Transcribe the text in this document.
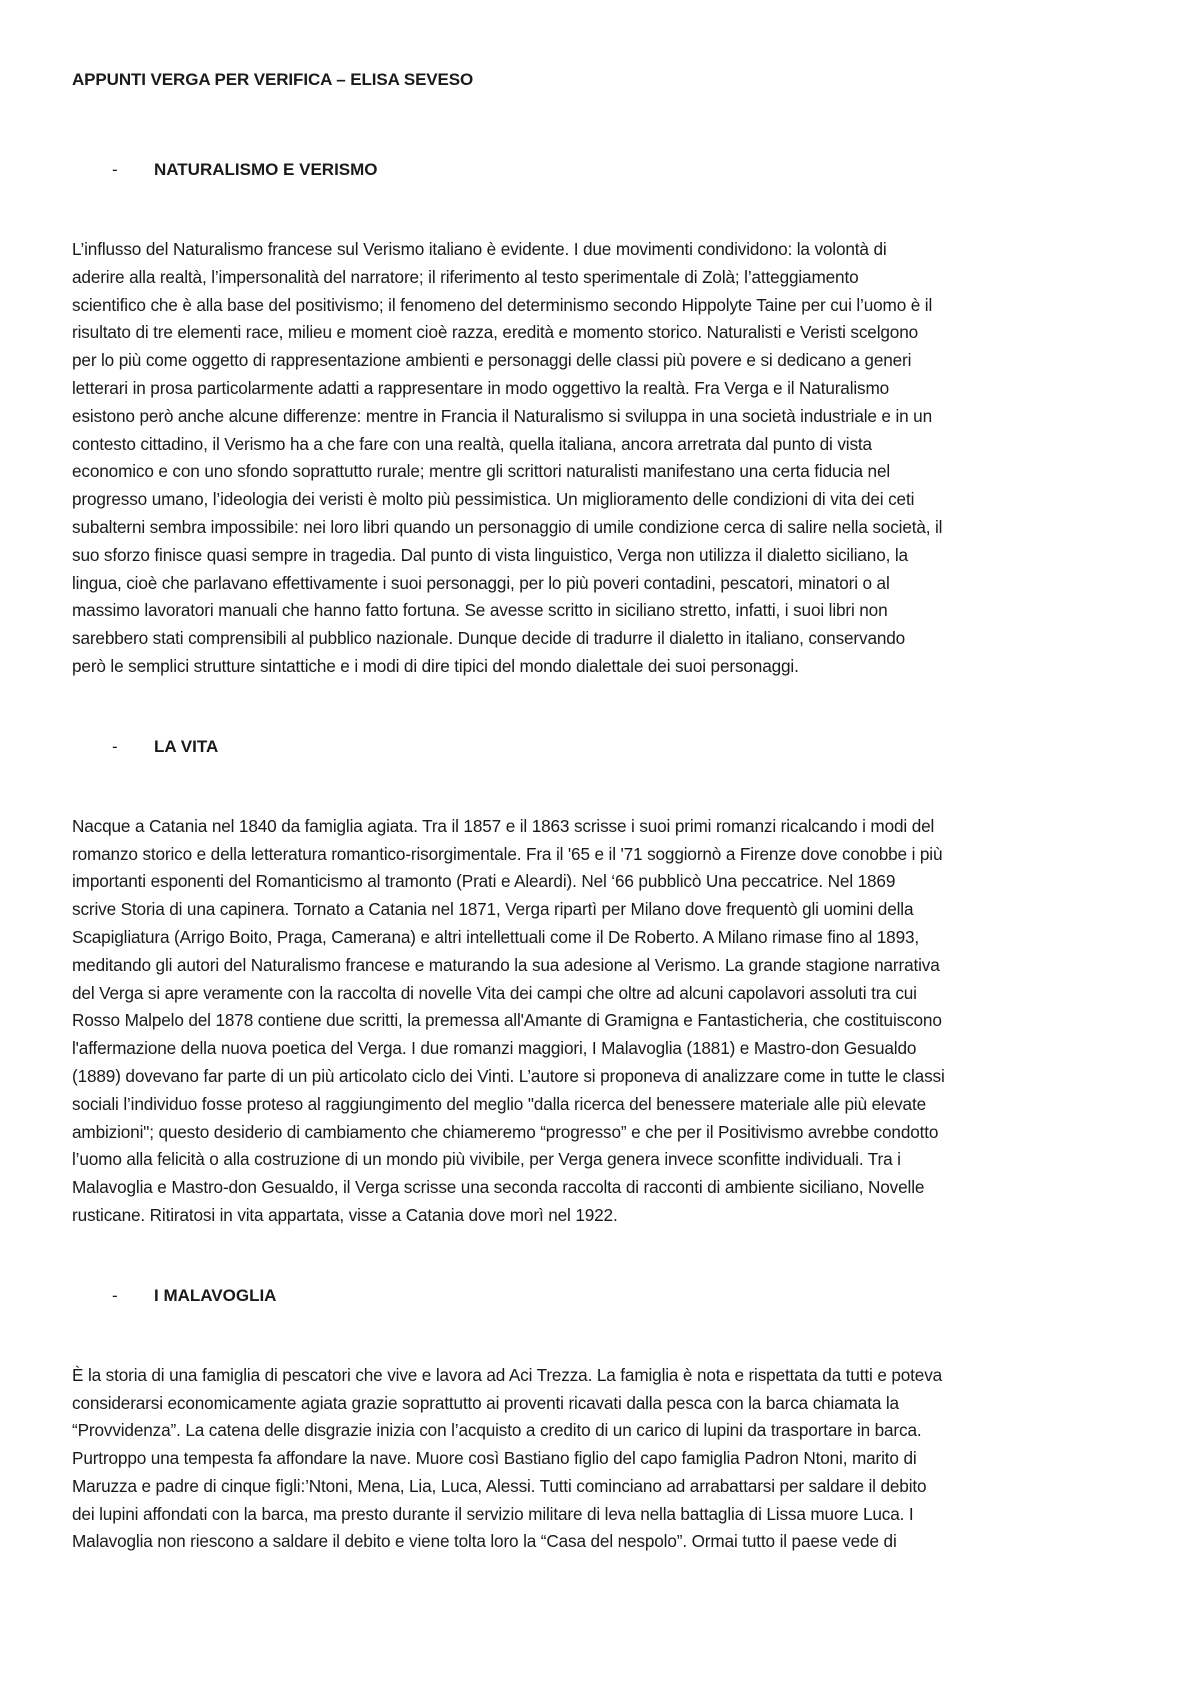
APPUNTI VERGA PER VERIFICA – ELISA SEVESO

-	NATURALISMO E VERISMO

L’influsso del Naturalismo francese sul Verismo italiano è evidente. I due movimenti condividono: la volontà di
aderire alla realtà, l’impersonalità del narratore; il riferimento al testo sperimentale di Zolà; l’atteggiamento
scientifico che è alla base del positivismo; il fenomeno del determinismo secondo Hippolyte Taine per cui l’uomo è il
risultato di tre elementi race, milieu e moment cioè razza, eredità e momento storico. Naturalisti e Veristi scelgono
per lo più come oggetto di rappresentazione ambienti e personaggi delle classi più povere e si dedicano a generi
letterari in prosa particolarmente adatti a rappresentare in modo oggettivo la realtà. Fra Verga e il Naturalismo
esistono però anche alcune differenze: mentre in Francia il Naturalismo si sviluppa in una società industriale e in un
contesto cittadino, il Verismo ha a che fare con una realtà, quella italiana, ancora arretrata dal punto di vista
economico e con uno sfondo soprattutto rurale; mentre gli scrittori naturalisti manifestano una certa fiducia nel
progresso umano, l’ideologia dei veristi è molto più pessimistica. Un miglioramento delle condizioni di vita dei ceti
subalterni sembra impossibile: nei loro libri quando un personaggio di umile condizione cerca di salire nella società, il
suo sforzo finisce quasi sempre in tragedia. Dal punto di vista linguistico, Verga non utilizza il dialetto siciliano, la
lingua, cioè che parlavano effettivamente i suoi personaggi, per lo più poveri contadini, pescatori, minatori o al
massimo lavoratori manuali che hanno fatto fortuna. Se avesse scritto in siciliano stretto, infatti, i suoi libri non
sarebbero stati comprensibili al pubblico nazionale. Dunque decide di tradurre il dialetto in italiano, conservando
però le semplici strutture sintattiche e i modi di dire tipici del mondo dialettale dei suoi personaggi.

-	LA VITA

Nacque a Catania nel 1840 da famiglia agiata. Tra il 1857 e il 1863 scrisse i suoi primi romanzi ricalcando i modi del
romanzo storico e della letteratura romantico-risorgimentale. Fra il '65 e il '71 soggiornò a Firenze dove conobbe i più
importanti esponenti del Romanticismo al tramonto (Prati e Aleardi). Nel ‘66 pubblicò Una peccatrice. Nel 1869
scrive Storia di una capinera. Tornato a Catania nel 1871, Verga ripartì per Milano dove frequentò gli uomini della
Scapigliatura (Arrigo Boito, Praga, Camerana) e altri intellettuali come il De Roberto. A Milano rimase fino al 1893,
meditando gli autori del Naturalismo francese e maturando la sua adesione al Verismo. La grande stagione narrativa
del Verga si apre veramente con la raccolta di novelle Vita dei campi che oltre ad alcuni capolavori assoluti tra cui
Rosso Malpelo del 1878 contiene due scritti, la premessa all'Amante di Gramigna e Fantasticheria, che costituiscono
l'affermazione della nuova poetica del Verga. I due romanzi maggiori, I Malavoglia (1881) e Mastro-don Gesualdo
(1889) dovevano far parte di un più articolato ciclo dei Vinti. L’autore si proponeva di analizzare come in tutte le classi
sociali l’individuo fosse proteso al raggiungimento del meglio "dalla ricerca del benessere materiale alle più elevate
ambizioni"; questo desiderio di cambiamento che chiameremo “progresso” e che per il Positivismo avrebbe condotto
l’uomo alla felicità o alla costruzione di un mondo più vivibile, per Verga genera invece sconfitte individuali. Tra i
Malavoglia e Mastro-don Gesualdo, il Verga scrisse una seconda raccolta di racconti di ambiente siciliano, Novelle
rusticane. Ritiratosi in vita appartata, visse a Catania dove morì nel 1922.

-	I MALAVOGLIA

È la storia di una famiglia di pescatori che vive e lavora ad Aci Trezza. La famiglia è nota e rispettata da tutti e poteva
considerarsi economicamente agiata grazie soprattutto ai proventi ricavati dalla pesca con la barca chiamata la
“Provvidenza”. La catena delle disgrazie inizia con l’acquisto a credito di un carico di lupini da trasportare in barca.
Purtroppo una tempesta fa affondare la nave. Muore così Bastiano figlio del capo famiglia Padron Ntoni, marito di
Maruzza e padre di cinque figli:’Ntoni, Mena, Lia, Luca, Alessi. Tutti cominciano ad arrabattarsi per saldare il debito
dei lupini affondati con la barca, ma presto durante il servizio militare di leva nella battaglia di Lissa muore Luca. I
Malavoglia non riescono a saldare il debito e viene tolta loro la “Casa del nespolo”. Ormai tutto il paese vede di
